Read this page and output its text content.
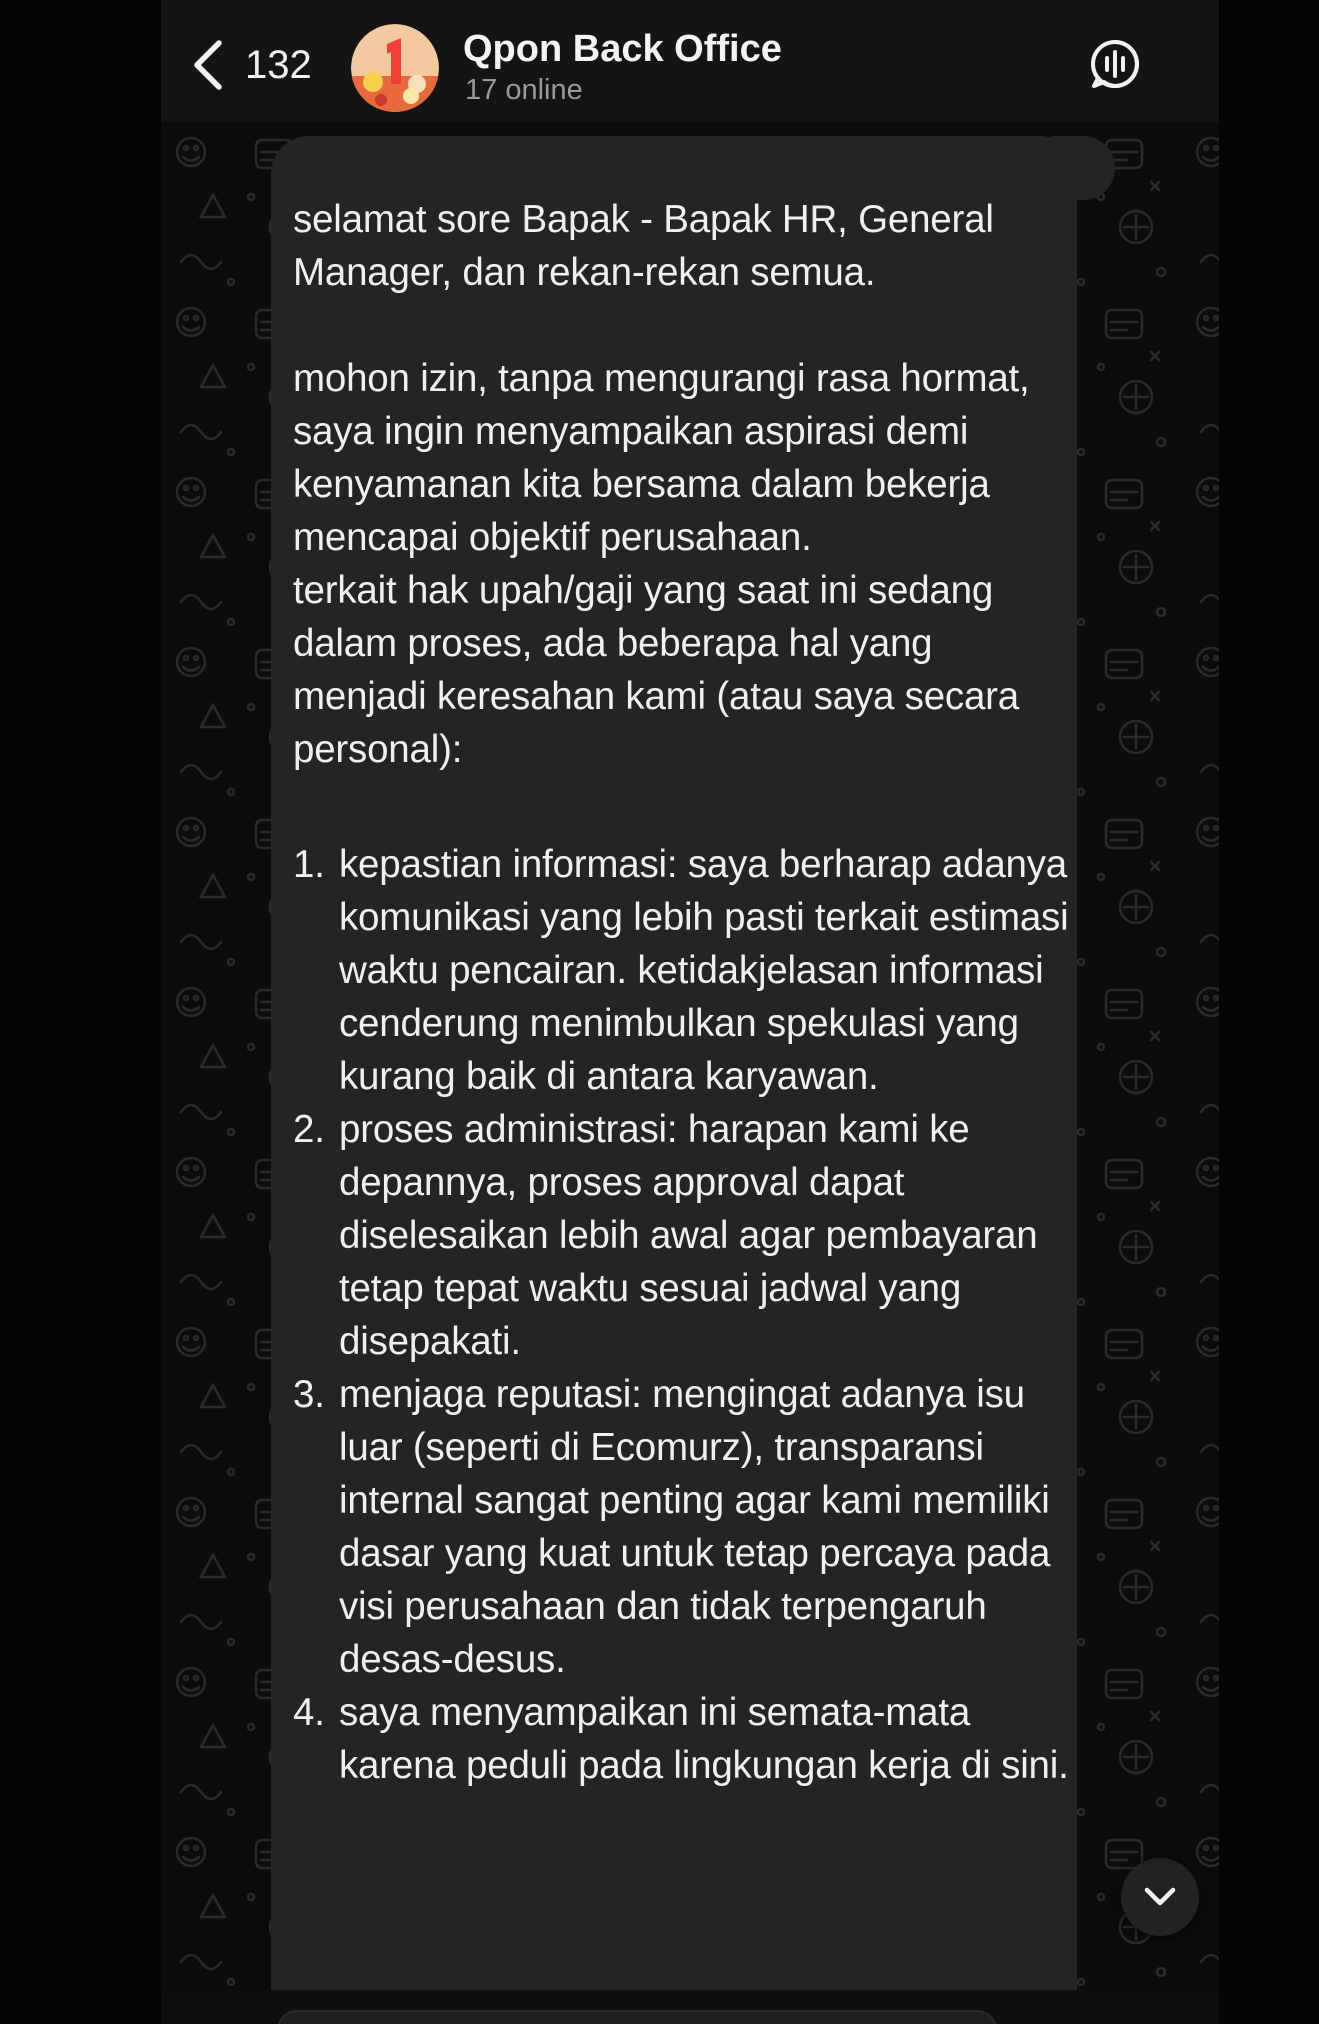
132	Qpon Back Office
17 online
selamat sore Bapak - Bapak HR, General Manager, dan rekan-rekan semua.

mohon izin, tanpa mengurangi rasa hormat, saya ingin menyampaikan aspirasi demi kenyamanan kita bersama dalam bekerja mencapai objektif perusahaan.
terkait hak upah/gaji yang saat ini sedang dalam proses, ada beberapa hal yang menjadi keresahan kami (atau saya secara personal):
1. kepastian informasi: saya berharap adanya komunikasi yang lebih pasti terkait estimasi waktu pencairan. ketidakjelasan informasi cenderung menimbulkan spekulasi yang kurang baik di antara karyawan.
2. proses administrasi: harapan kami ke depannya, proses approval dapat diselesaikan lebih awal agar pembayaran tetap tepat waktu sesuai jadwal yang disepakati.
3. menjaga reputasi: mengingat adanya isu luar (seperti di Ecomurz), transparansi internal sangat penting agar kami memiliki dasar yang kuat untuk tetap percaya pada visi perusahaan dan tidak terpengaruh desas-desus.
4. saya menyampaikan ini semata-mata karena peduli pada lingkungan kerja di sini.
